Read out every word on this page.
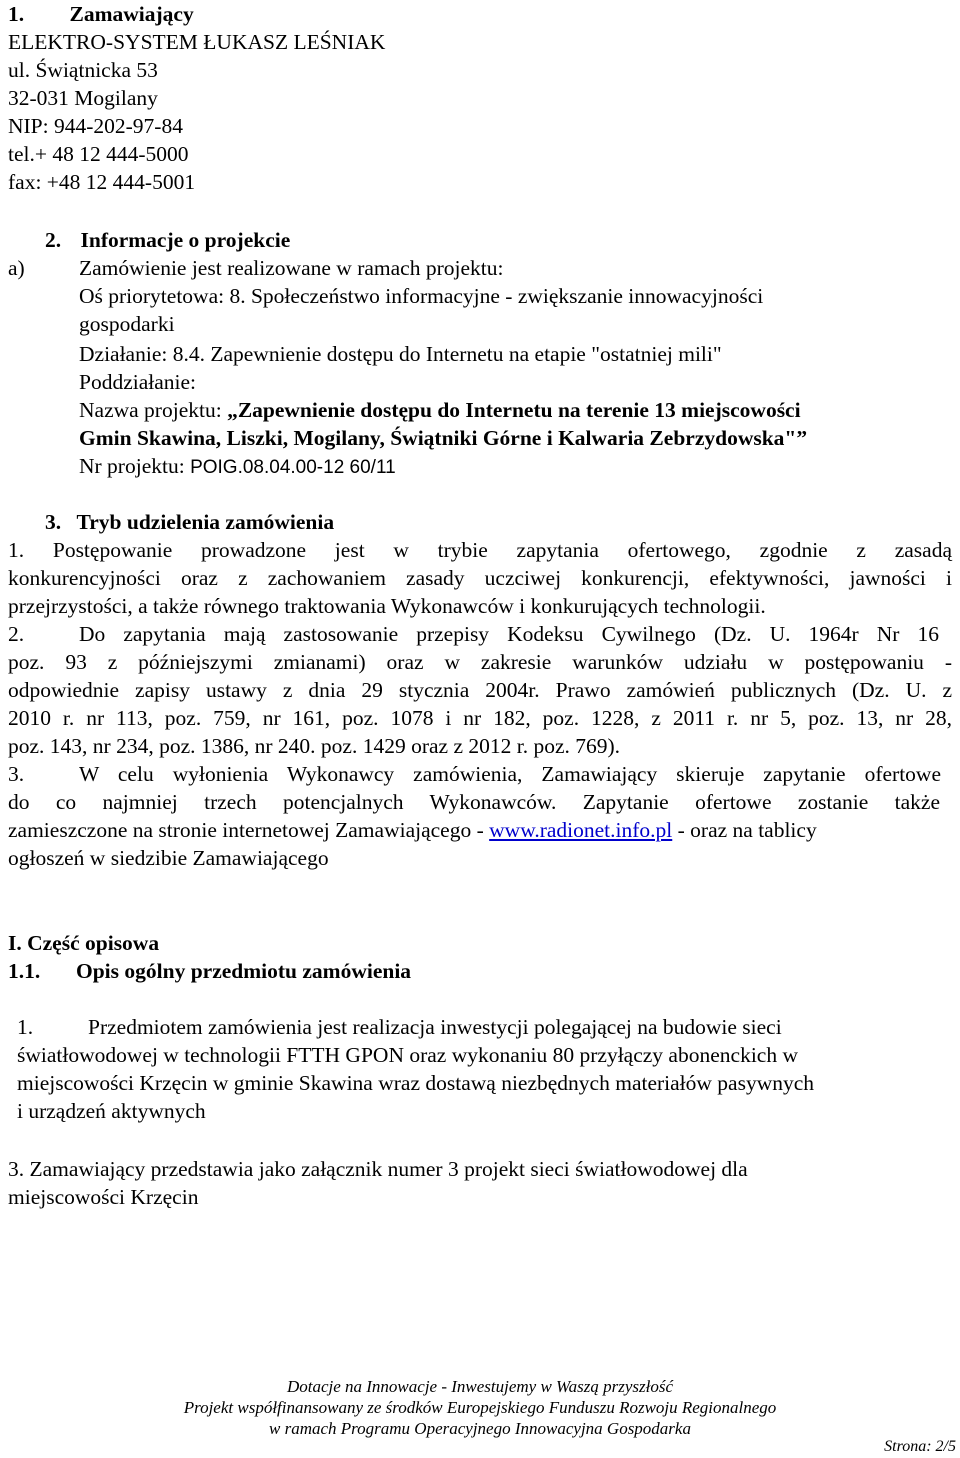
1. Zamawiający
ELEKTRO-SYSTEM ŁUKASZ LEŚNIAK
ul. Świątnicka 53
32-031 Mogilany
NIP: 944-202-97-84
tel.+ 48 12 444-5000
fax: +48 12 444-5001
2. Informacje o projekcie
a)	Zamówienie jest realizowane w ramach projektu:
Oś priorytetowa: 8. Społeczeństwo informacyjne - zwiększanie innowacyjności
gospodarki
Działanie: 8.4. Zapewnienie dostępu do Internetu na etapie "ostatniej mili"
Poddziałanie:
Nazwa projektu: „Zapewnienie dostępu do Internetu na terenie 13 miejscowości
Gmin Skawina, Liszki, Mogilany, Świątniki Górne i Kalwaria Zebrzydowska"”
Nr projektu: POIG.08.04.00-12 60/11
3. Tryb udzielenia zamówienia
1. Postępowanie prowadzone jest w trybie zapytania ofertowego, zgodnie z zasadą
konkurencyjności oraz z zachowaniem zasady uczciwej konkurencji, efektywności, jawności i
przejrzystości, a także równego traktowania Wykonawców i konkurujących technologii.
2.	Do zapytania mają zastosowanie przepisy Kodeksu Cywilnego (Dz. U. 1964r Nr 16
poz. 93 z późniejszymi zmianami) oraz w zakresie warunków udziału w postępowaniu -
odpowiednie zapisy ustawy z dnia 29 stycznia 2004r. Prawo zamówień publicznych (Dz. U. z
2010 r. nr 113, poz. 759, nr 161, poz. 1078 i nr 182, poz. 1228, z 2011 r. nr 5, poz. 13, nr 28,
poz. 143, nr 234, poz. 1386, nr 240. poz. 1429 oraz z 2012 r. poz. 769).
3.	W celu wyłonienia Wykonawcy zamówienia, Zamawiający skieruje zapytanie ofertowe
do co najmniej trzech potencjalnych Wykonawców. Zapytanie ofertowe zostanie także
zamieszczone na stronie internetowej Zamawiającego - www.radionet.info.pl - oraz na tablicy
ogłoszeń w siedzibie Zamawiającego
I. Część opisowa
1.1. Opis ogólny przedmiotu zamówienia
1.	Przedmiotem zamówienia jest realizacja inwestycji polegającej na budowie sieci
światłowodowej w technologii FTTH GPON oraz wykonaniu 80 przyłączy abonenckich w
miejscowości Krzęcin w gminie Skawina wraz dostawą niezbędnych materiałów pasywnych
i urządzeń aktywnych
3. Zamawiający przedstawia jako załącznik numer 3 projekt sieci światłowodowej dla
miejscowości Krzęcin
Dotacje na Innowacje - Inwestujemy w Waszą przyszłość
Projekt współfinansowany ze środków Europejskiego Funduszu Rozwoju Regionalnego
w ramach Programu Operacyjnego Innowacyjna Gospodarka
Strona: 2/5
